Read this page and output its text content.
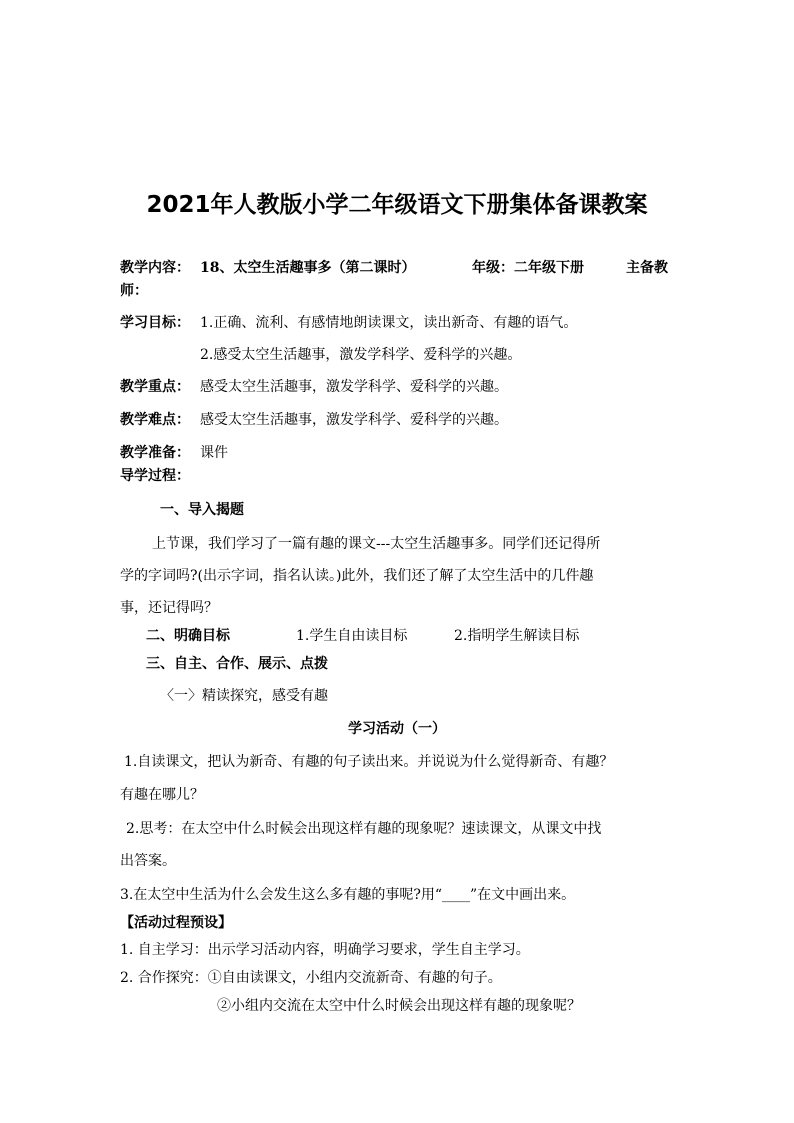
2021年人教版小学二年级语文下册集体备课教案
教学内容： 18、太空生活趣事多（第二课时）	年级：二年级下册	主备教
师：
学习目标： 1.正确、流利、有感情地朗读课文，读出新奇、有趣的语气。
2.感受太空生活趣事，激发学科学、爱科学的兴趣。
教学重点： 感受太空生活趣事，激发学科学、爱科学的兴趣。
教学难点： 感受太空生活趣事，激发学科学、爱科学的兴趣。
教学准备： 课件
导学过程：
一、导入揭题
上节课，我们学习了一篇有趣的课文---太空生活趣事多。同学们还记得所
学的字词吗?(出示字词，指名认读。)此外，我们还了解了太空生活中的几件趣
事，还记得吗？
二、明确目标	1.学生自由读目标	2.指明学生解读目标
三、自主、合作、展示、点拨
〈一〉精读探究，感受有趣
学习活动（一）
1.自读课文，把认为新奇、有趣的句子读出来。并说说为什么觉得新奇、有趣？
有趣在哪儿？
2.思考：在太空中什么时候会出现这样有趣的现象呢？速读课文，从课文中找
出答案。
3.在太空中生活为什么会发生这么多有趣的事呢?用“____”在文中画出来。
【活动过程预设】
1. 自主学习：出示学习活动内容，明确学习要求，学生自主学习。
2. 合作探究：①自由读课文，小组内交流新奇、有趣的句子。
②小组内交流在太空中什么时候会出现这样有趣的现象呢？
